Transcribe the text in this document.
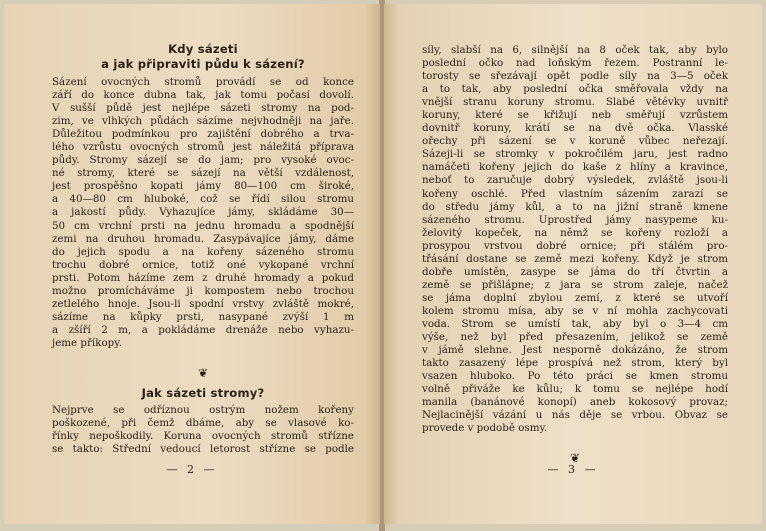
Kdy sázeti
a jak připraviti půdu k sázení?
Sázení ovocných stromů provádí se od konce
září do konce dubna tak, jak tomu počasí dovolí.
V sušší půdě jest nejlépe sázeti stromy na pod-
zim, ve vlhkých půdách sázíme nejvhodněji na jaře.
Důležitou podmínkou pro zajištění dobrého a trva-
lého vzrůstu ovocných stromů jest náležitá příprava
půdy. Stromy sázejí se do jam; pro vysoké ovoc-
né stromy, které se sázejí na větší vzdálenost,
jest prospěšno kopati jámy 80—100 cm široké,
a 40—80 cm hluboké, což se řídí silou stromu
a jakostí půdy. Vyhazujíce jámy, skládáme 30—
50 cm vrchní prsti na jednu hromadu a spodnější
zemi na druhou hromadu. Zasypávajíce jámy, dáme
do jejich spodu a na kořeny sázeného stromu
trochu dobré ornice, totiž oné vykopané vrchní
prsti. Potom házíme zem z druhé hromady a pokud
možno promícháváme ji kompostem nebo trochou
zetlelého hnoje. Jsou-li spodní vrstvy zvláště mokré,
sázíme na kůpky prsti, nasypané zvýší 1 m
a zšíří 2 m, a pokládáme drenáže nebo vyhazu-
jeme příkopy.
❦
Jak sázeti stromy?
Nejprve se odříznou ostrým nožem kořeny
poškozené, při čemž dbáme, aby se vlasové ko-
řínky nepoškodily. Koruna ovocných stromů střízne
se takto: Střední vedoucí letorost střízne se podle
— 2 —
síly, slabší na 6, silnější na 8 oček tak, aby bylo
poslední očko nad loňským řezem. Postranní le-
torosty se sřezávají opět podle síly na 3—5 oček
a to tak, aby poslední očka směřovala vždy na
vnější stranu koruny stromu. Slabé větévky uvnitř
koruny, které se křižují neb směřují vzrůstem
dovnitř koruny, krátí se na dvě očka. Vlasské
ořechy při sázení se v koruně vůbec neřezají.
Sázeji-li se stromky v pokročilém jaru, jest radno
namáčeti kořeny jejich do kaše z hlíny a kravince,
neboť to zaručuje dobrý výsledek, zvláště jsou-li
kořeny oschlé. Před vlastním sázením zarazí se
do středu jámy kůl, a to na jižní straně kmene
sázeného stromu. Uprostřed jámy nasypeme ku-
želovitý kopeček, na němž se kořeny rozloží a
prosypou vrstvou dobré ornice; při stálém pro-
třásání dostane se země mezi kořeny. Když je strom
dobře umístěn, zasype se jáma do tří čtvrtin a
země se přišlápne; z jara se strom zaleje, načež
se jáma doplní zbylou zemí, z které se utvoří
kolem stromu mísa, aby se v ní mohla zachycovati
voda. Strom se umístí tak, aby byl o 3—4 cm
výše, než byl před přesazením, jelikož se země
v jámě slehne. Jest nesporně dokázáno, že strom
takto zasazený lépe prospívá než strom, který byl
vsazen hluboko. Po této práci se kmen stromu
volně přiváže ke kůlu; k tomu se nejlépe hodí
manila (banánové konopí) aneb kokosový provaz;
Nejlacinější vázání u nás děje se vrbou. Obvaz se
provede v podobě osmy.
❦
— 3 —
